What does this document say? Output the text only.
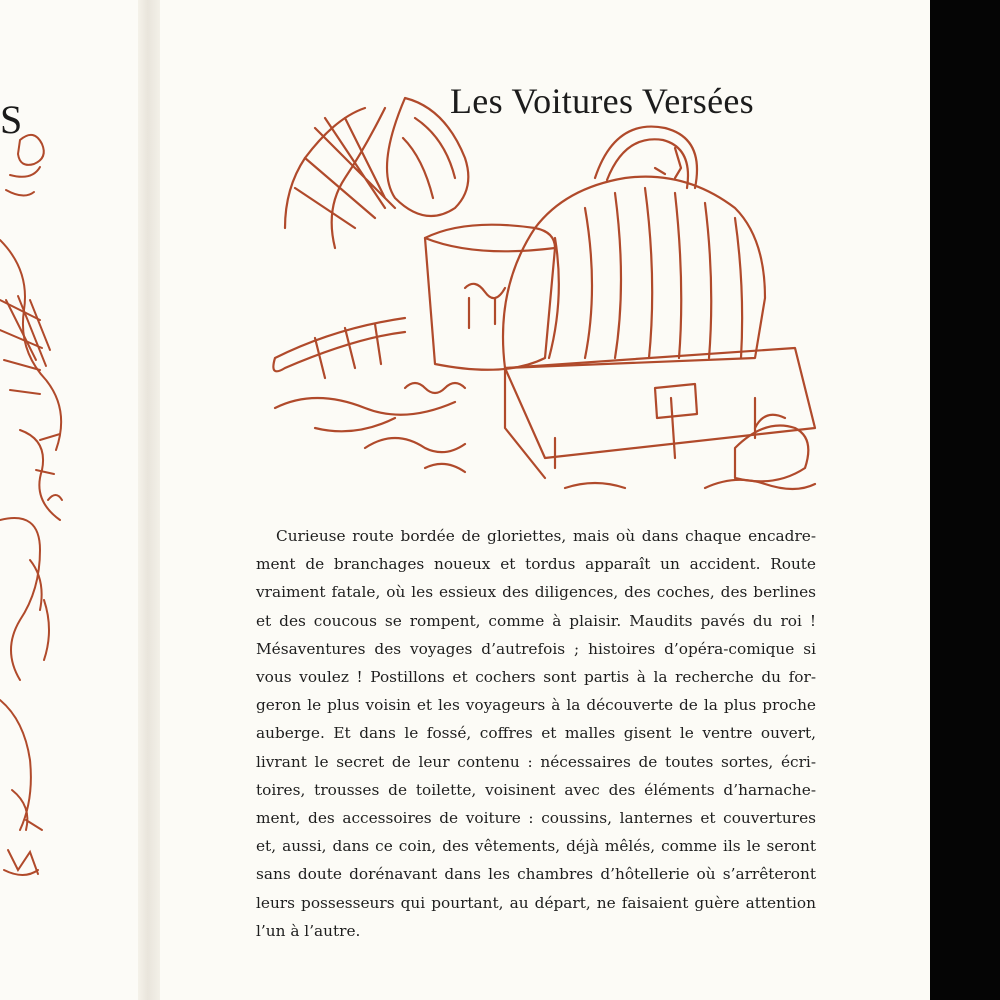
S	Les Voitures Versées
Curieuse route bordée de gloriettes, mais où dans chaque encadre-
ment de branchages noueux et tordus apparaît un accident. Route
vraiment fatale, où les essieux des diligences, des coches, des berlines
et des coucous se rompent, comme à plaisir. Maudits pavés du roi !
Mésaventures des voyages d’autrefois ; histoires d’opéra-comique si
vous voulez ! Postillons et cochers sont partis à la recherche du for-
geron le plus voisin et les voyageurs à la découverte de la plus proche
auberge. Et dans le fossé, coffres et malles gisent le ventre ouvert,
livrant le secret de leur contenu : nécessaires de toutes sortes, écri-
toires, trousses de toilette, voisinent avec des éléments d’harnache-
ment, des accessoires de voiture : coussins, lanternes et couvertures
et, aussi, dans ce coin, des vêtements, déjà mêlés, comme ils le seront
sans doute dorénavant dans les chambres d’hôtellerie où s’arrêteront
leurs possesseurs qui pourtant, au départ, ne faisaient guère attention
l’un à l’autre.
